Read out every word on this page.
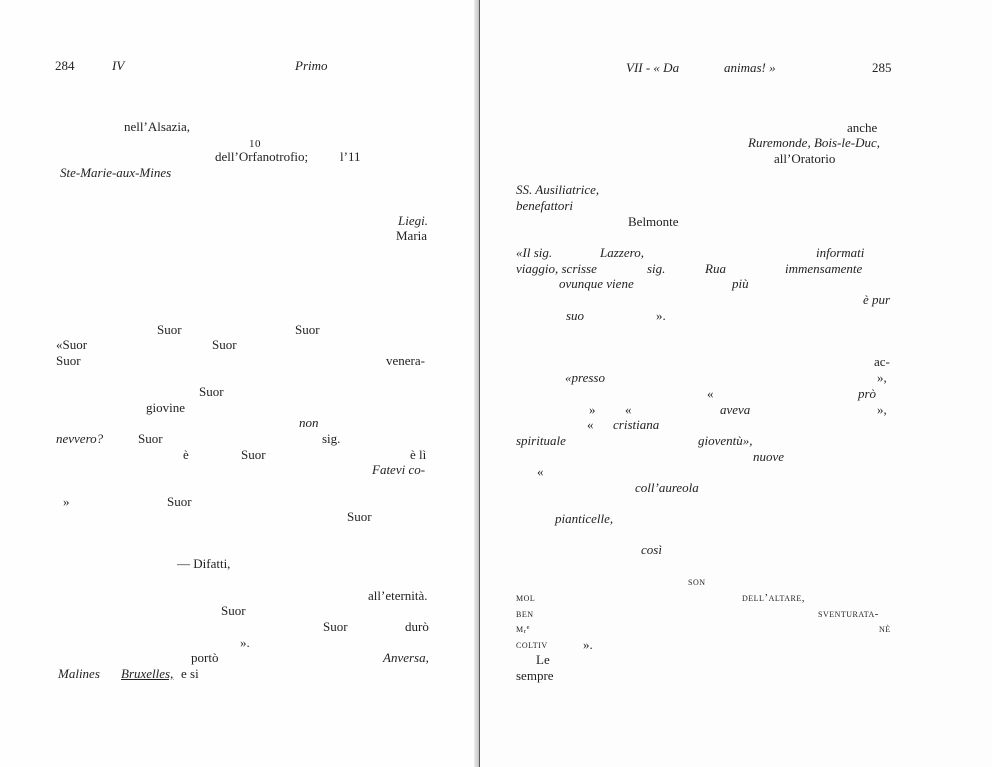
284	IV	Primo
nell’Alsazia,
10
dell’Orfanotrofio; l’11
Ste-Marie-aux-Mines
Liegi.
Maria
Suor	Suor
«Suor	Suor
Suor	venerа-
Suor
giovine
non
nevvero?	Suor	sig.
è	Suor	è lì
Fatevi co-
»	Suor
Suor
— Difatti,
all’eternità.
Suor
Suor	durò
».
portò	Anversa,
Malines Bruxelles, e si
VII - « Da	animas! »	285
anche
Ruremonde, Bois-le-Duc,
all’Oratorio
SS. Ausiliatrice,
benefattori
Belmonte
«Il sig.	Lazzero,	informati
viaggio, scrisse	sig.	Rua	immensamente
ovunque viene	più
è pur
suo	».
ac-
«presso	»,
«	prò
» «	aveva	»,
spirituale
« cristiana
gioventù»,
nuove
«
coll’aureola
pianticelle,
così
son
mol	dell’altare,
ben	sventurata-
mᵣᵉ	nè
coltiv	».
Le
sempre
